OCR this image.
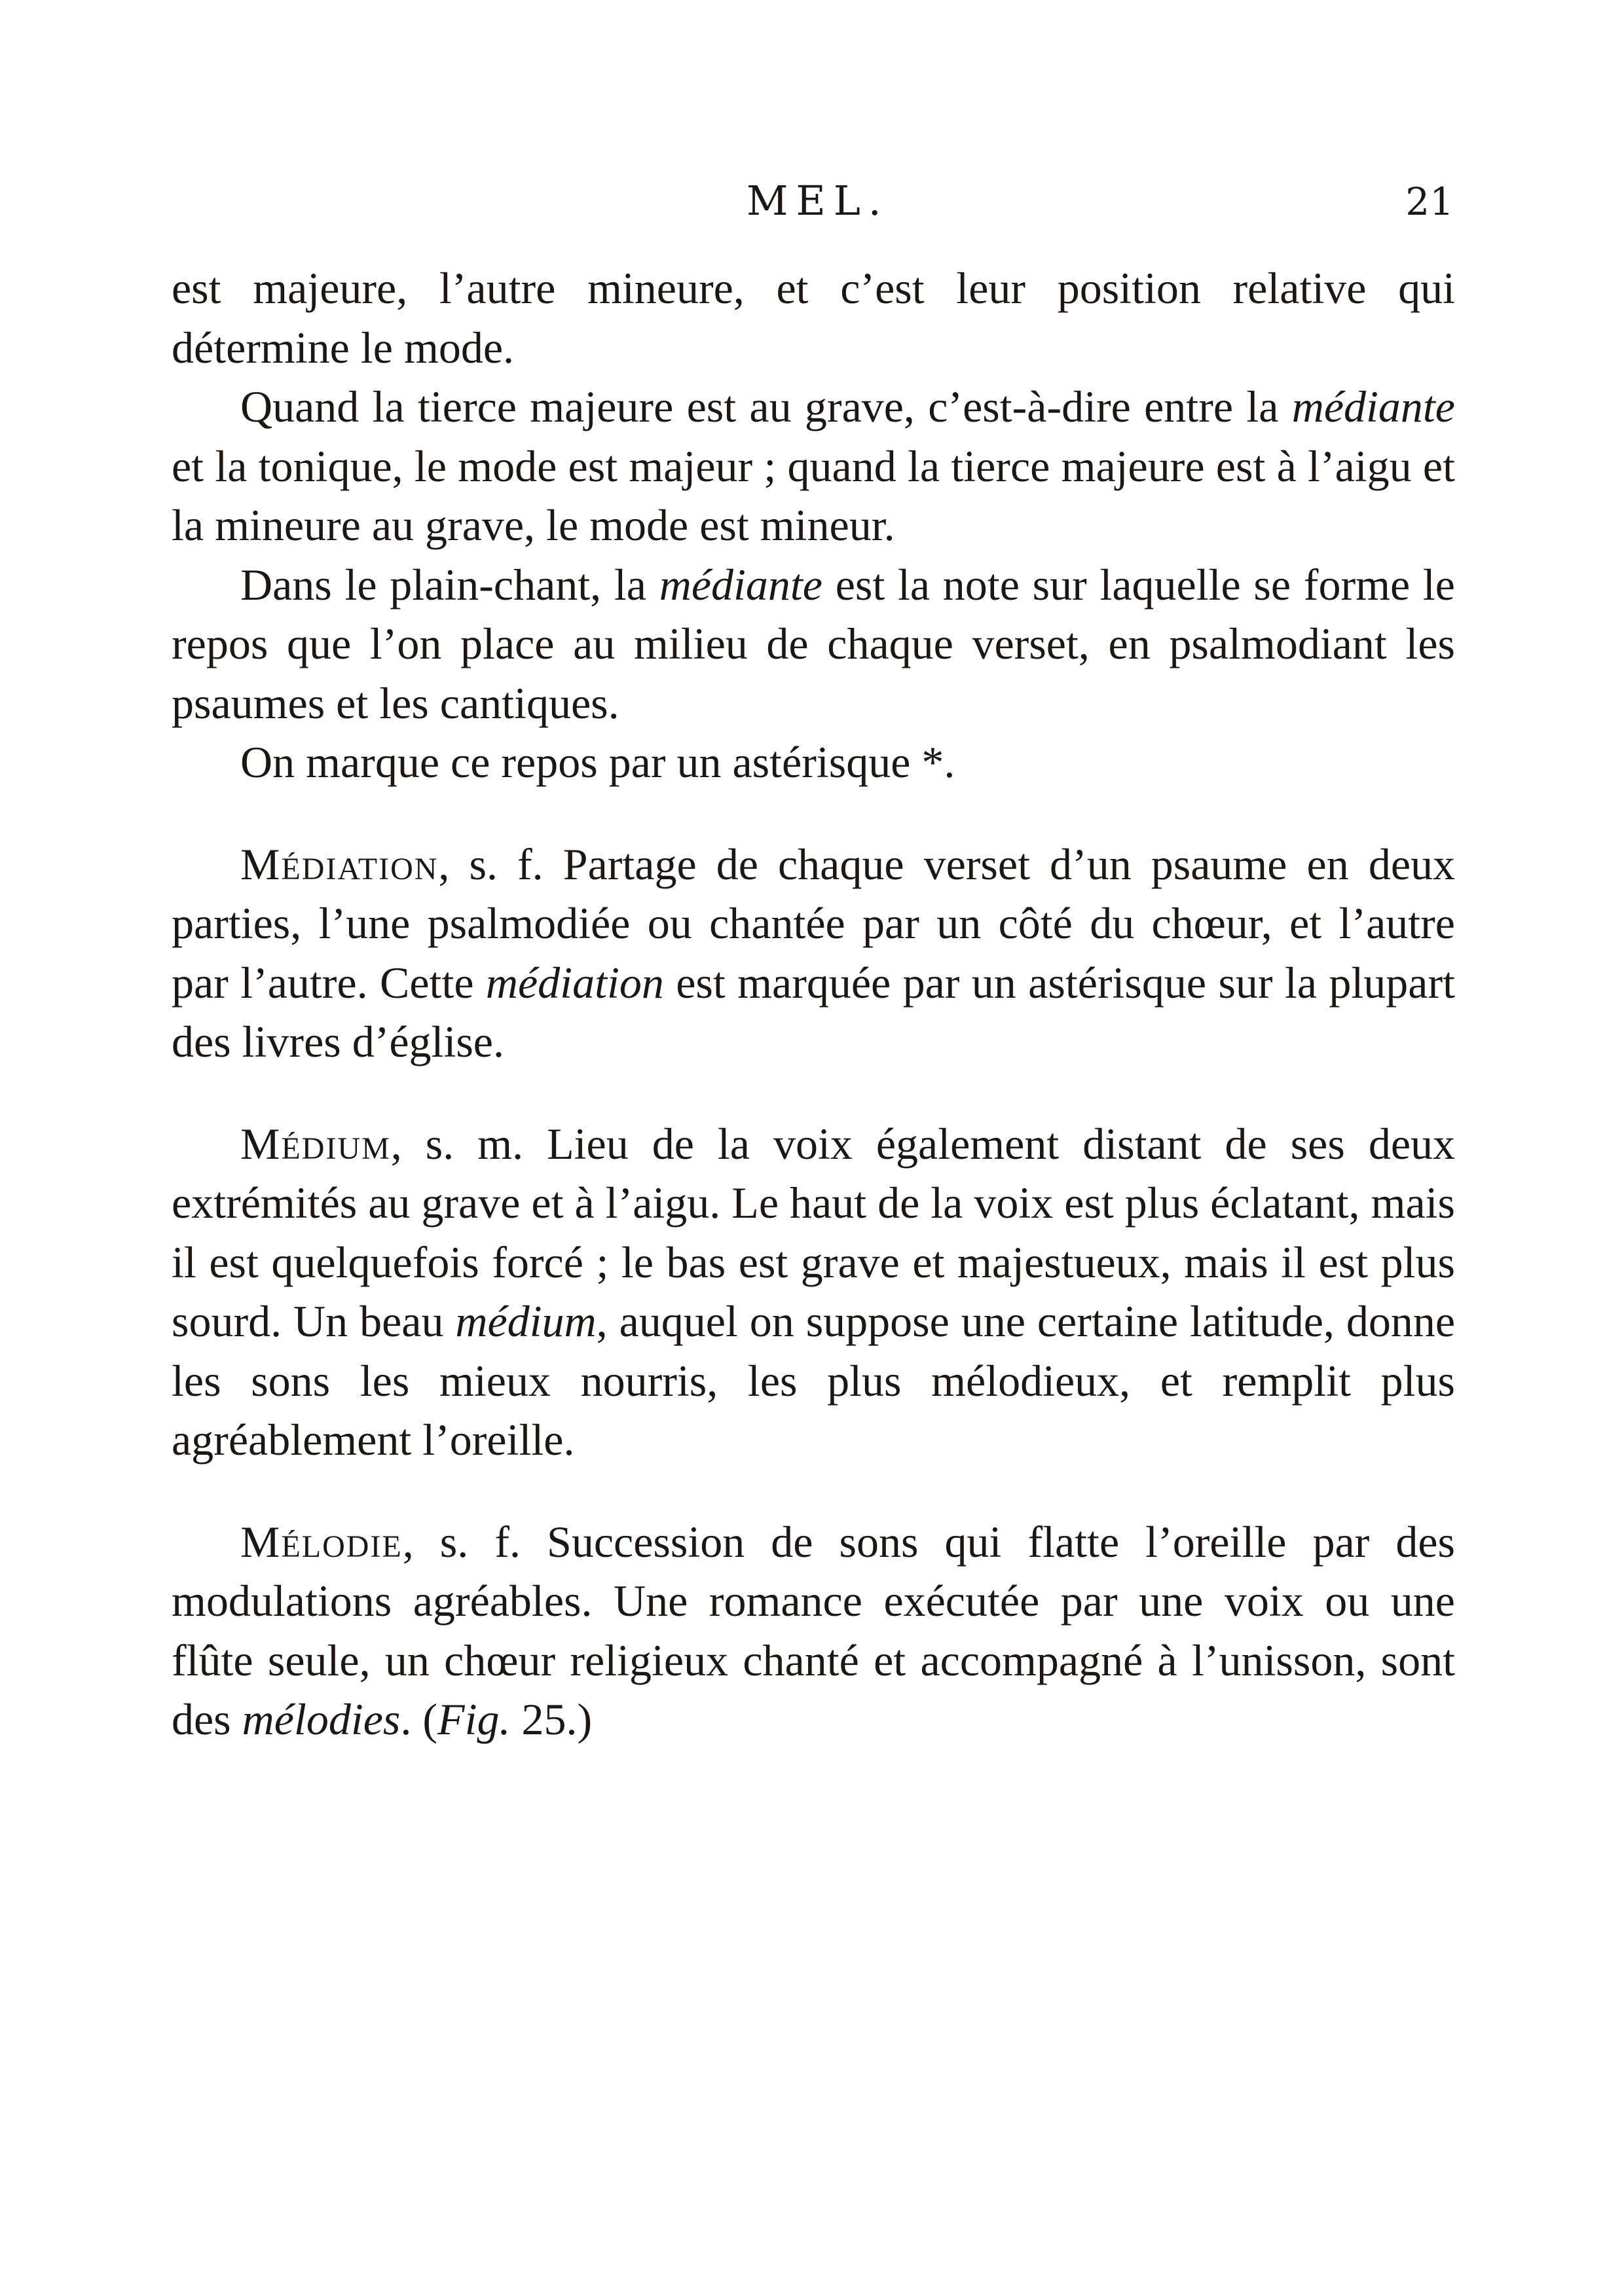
MEL.	21

est majeure, l’autre mineure, et c’est leur position relative qui détermine le mode.

Quand la tierce majeure est au grave, c’est-à-dire entre la médiante et la tonique, le mode est majeur ; quand la tierce majeure est à l’aigu et la mineure au grave, le mode est mineur.

Dans le plain-chant, la médiante est la note sur laquelle se forme le repos que l’on place au milieu de chaque verset, en psalmodiant les psaumes et les cantiques.

On marque ce repos par un astérisque *.

Médiation, s. f. Partage de chaque verset d’un psaume en deux parties, l’une psalmodiée ou chantée par un côté du chœur, et l’autre par l’autre. Cette médiation est marquée par un astérisque sur la plupart des livres d’église.

Médium, s. m. Lieu de la voix également distant de ses deux extrémités au grave et à l’aigu. Le haut de la voix est plus éclatant, mais il est quelquefois forcé ; le bas est grave et majestueux, mais il est plus sourd. Un beau médium, auquel on suppose une certaine latitude, donne les sons les mieux nourris, les plus mélodieux, et remplit plus agréablement l’oreille.

Mélodie, s. f. Succession de sons qui flatte l’oreille par des modulations agréables. Une romance exécutée par une voix ou une flûte seule, un chœur religieux chanté et accompagné à l’unisson, sont des mélodies. (Fig. 25.)
